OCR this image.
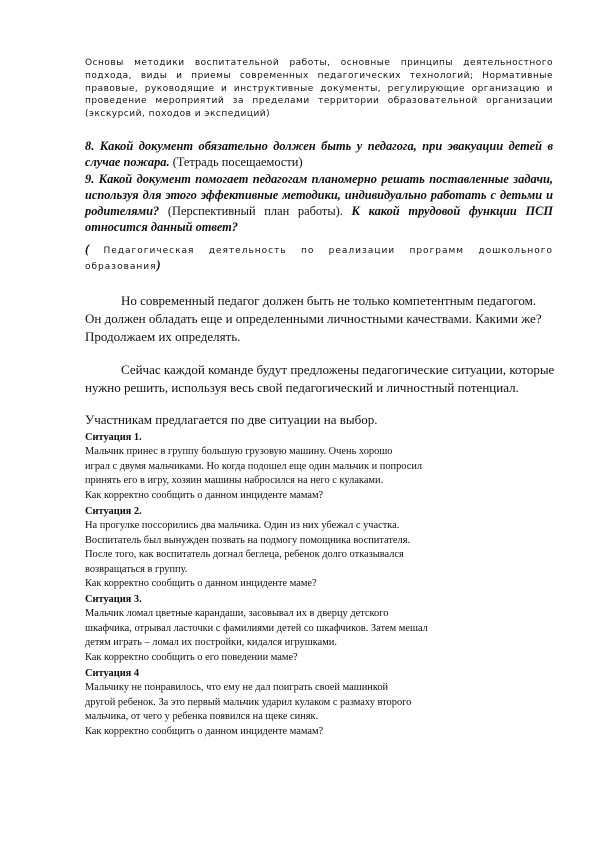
Основы методики воспитательной работы, основные принципы деятельностного подхода, виды и приемы современных педагогических технологий; Нормативные правовые, руководящие и инструктивные документы, регулирующие организацию и проведение мероприятий за пределами территории образовательной организации (экскурсий, походов и экспедиций)

8. Какой документ обязательно должен быть у педагога, при эвакуации детей в случае пожара. (Тетрадь посещаемости)

9. Какой документ помогает педагогам планомерно решать поставленные задачи, используя для этого эффективные методики, индивидуально работать с детьми и родителями? (Перспективный план работы). К какой трудовой функции ПСП относится данный ответ?

( Педагогическая деятельность по реализации программ дошкольного образования)

Но современный педагог должен быть не только компетентным педагогом. Он должен обладать еще и определенными личностными качествами. Какими же? Продолжаем их определять.

Сейчас каждой команде будут предложены педагогические ситуации, которые нужно решить, используя весь свой педагогический и личностный потенциал.

Участникам предлагается по две ситуации на выбор.

Ситуация 1.
Мальчик принес в группу большую грузовую машину. Очень хорошо
играл с двумя мальчиками. Но когда подошел еще один мальчик и попросил
принять его в игру, хозяин машины набросился на него с кулаками.
Как корректно сообщить о данном инциденте мамам?
Ситуация 2.
На прогулке поссорились два мальчика. Один из них убежал с участка.
Воспитатель был вынужден позвать на подмогу помощника воспитателя.
После того, как воспитатель догнал беглеца, ребенок долго отказывался
возвращаться в группу.
Как корректно сообщить о данном инциденте маме?
Ситуация 3.
Мальчик ломал цветные карандаши, засовывал их в дверцу детского
шкафчика, отрывал ласточки с фамилиями детей со шкафчиков. Затем мешал
детям играть – ломал их постройки, кидался игрушками.
Как корректно сообщить о его поведении маме?
Ситуация 4
Мальчику не понравилось, что ему не дал поиграть своей машинкой
другой ребенок. За это первый мальчик ударил кулаком с размаху второго
мальчика, от чего у ребенка появился на щеке синяк.
Как корректно сообщить о данном инциденте мамам?
